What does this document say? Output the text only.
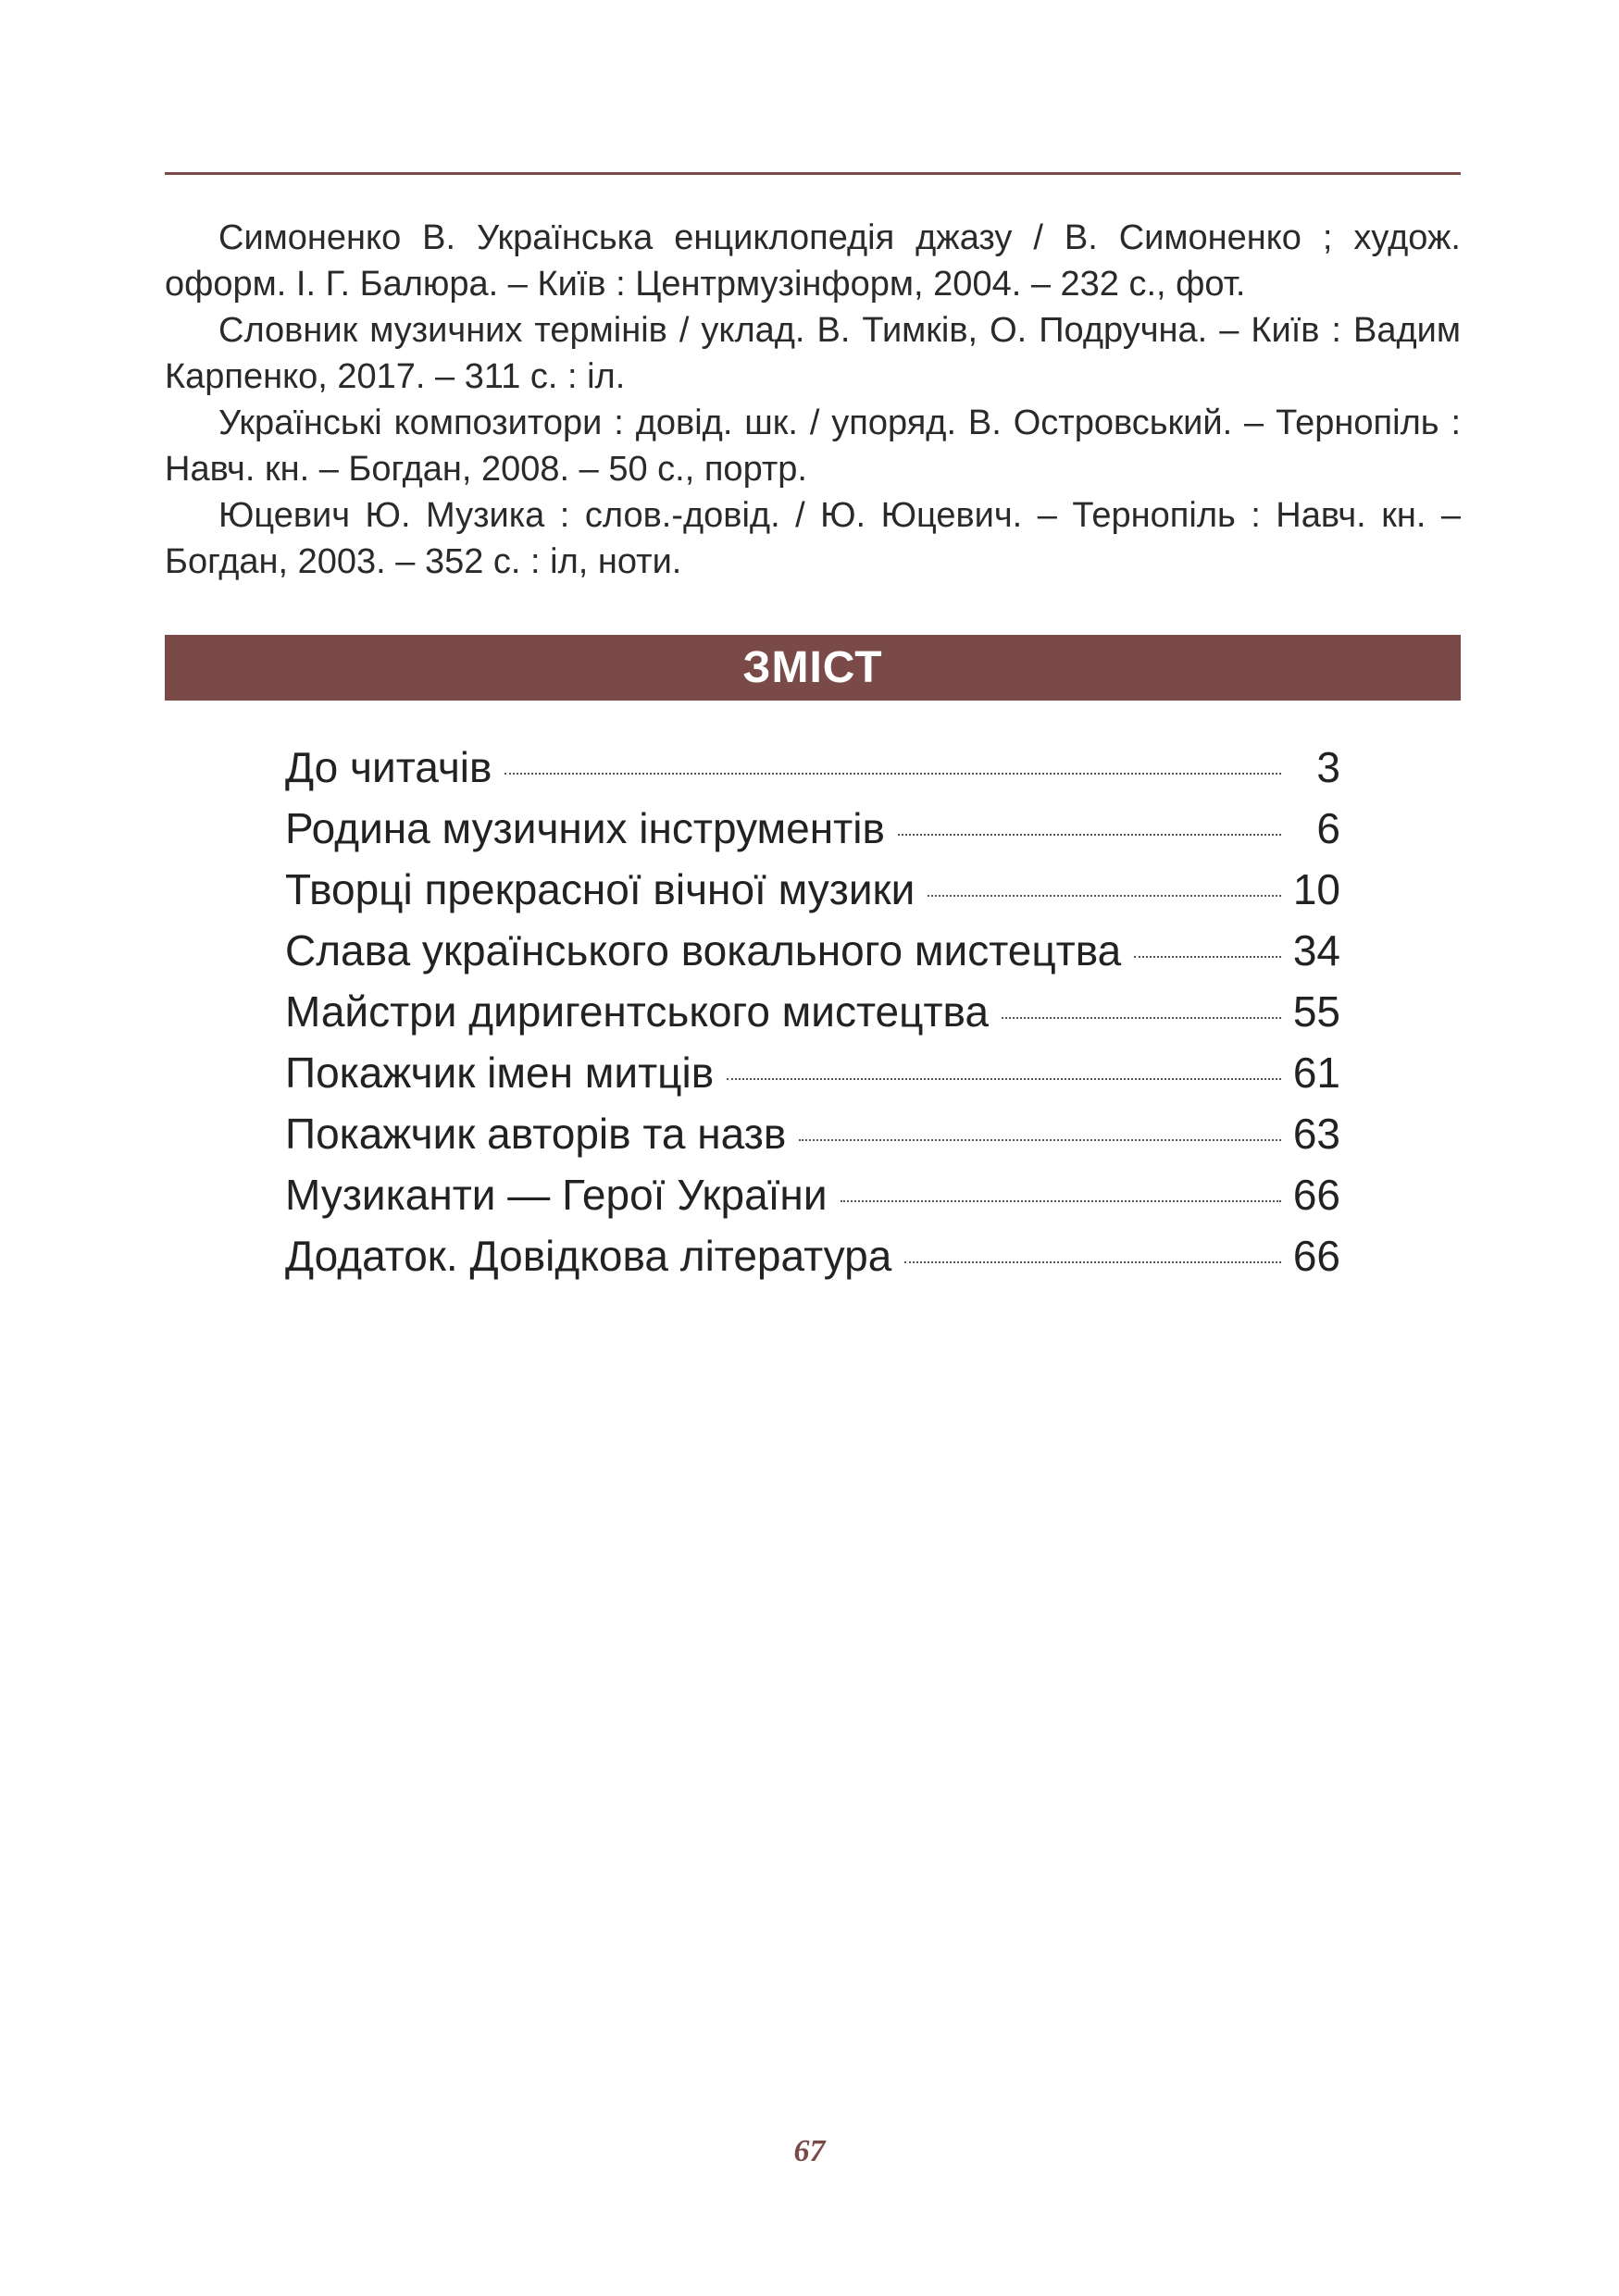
Симоненко В. Українська енциклопедія джазу / В. Симоненко ; худож. оформ. І. Г. Балюра. – Київ : Центрмузінформ, 2004. – 232 с., фот.

Словник музичних термінів / уклад. В. Тимків, О. Подручна. – Київ : Вадим Карпенко, 2017. – 311 с. : іл.

Українські композитори : довід. шк. / упоряд. В. Островський. – Тернопіль : Навч. кн. – Богдан, 2008. – 50 с., портр.

Юцевич Ю. Музика : слов.-довід. / Ю. Юцевич. – Тернопіль : Навч. кн. – Богдан, 2003. – 352 с. : іл, ноти.

ЗМІСТ
До читачів	3
Родина музичних інструментів	6
Творці прекрасної вічної музики	10
Слава українського вокального мистецтва	34
Майстри диригентського мистецтва	55
Покажчик імен митців	61
Покажчик авторів та назв	63
Музиканти — Герої України	66
Додаток. Довідкова література	66
67
